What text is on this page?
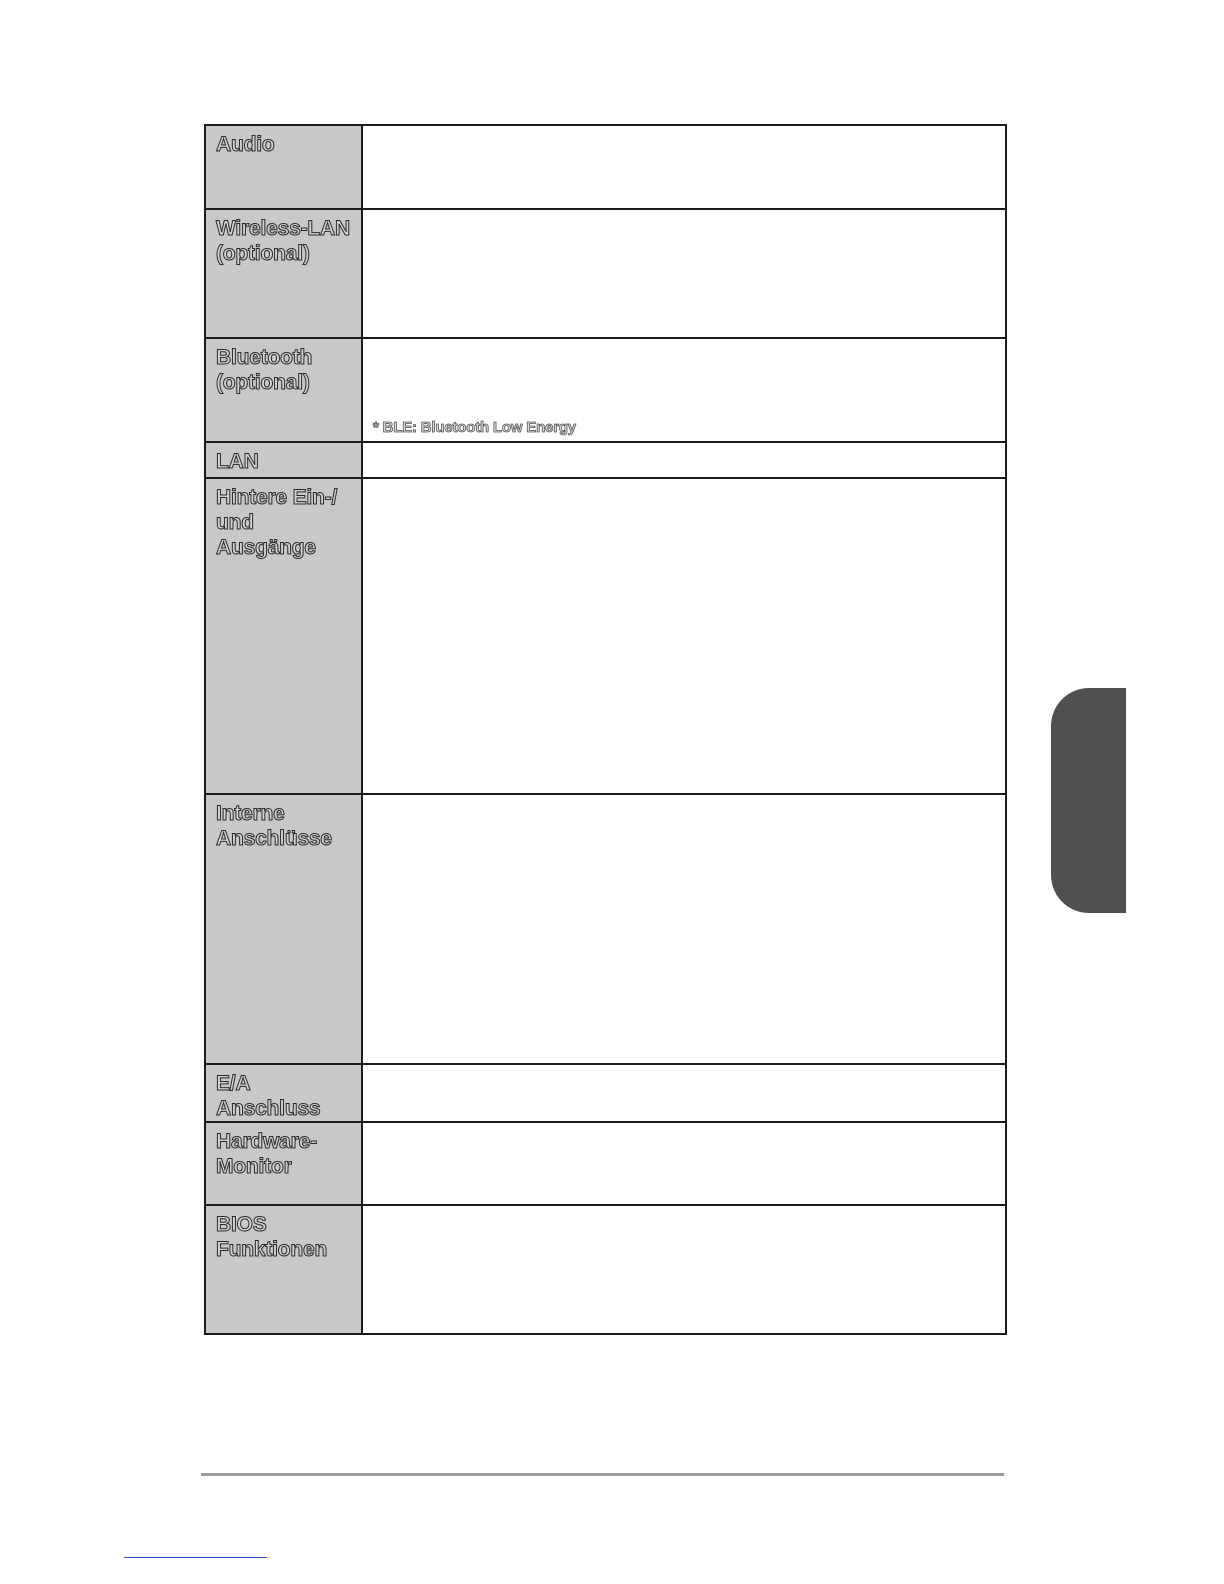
Audio	

Wireless-LAN
(optional)	

Bluetooth
(optional)	* BLE: Bluetooth Low Energy

LAN	

Hintere Ein-/
und Ausgänge	

Interne
Anschlüsse	

E/A Anschluss	

Hardware-
Monitor	

BIOS
Funktionen	
